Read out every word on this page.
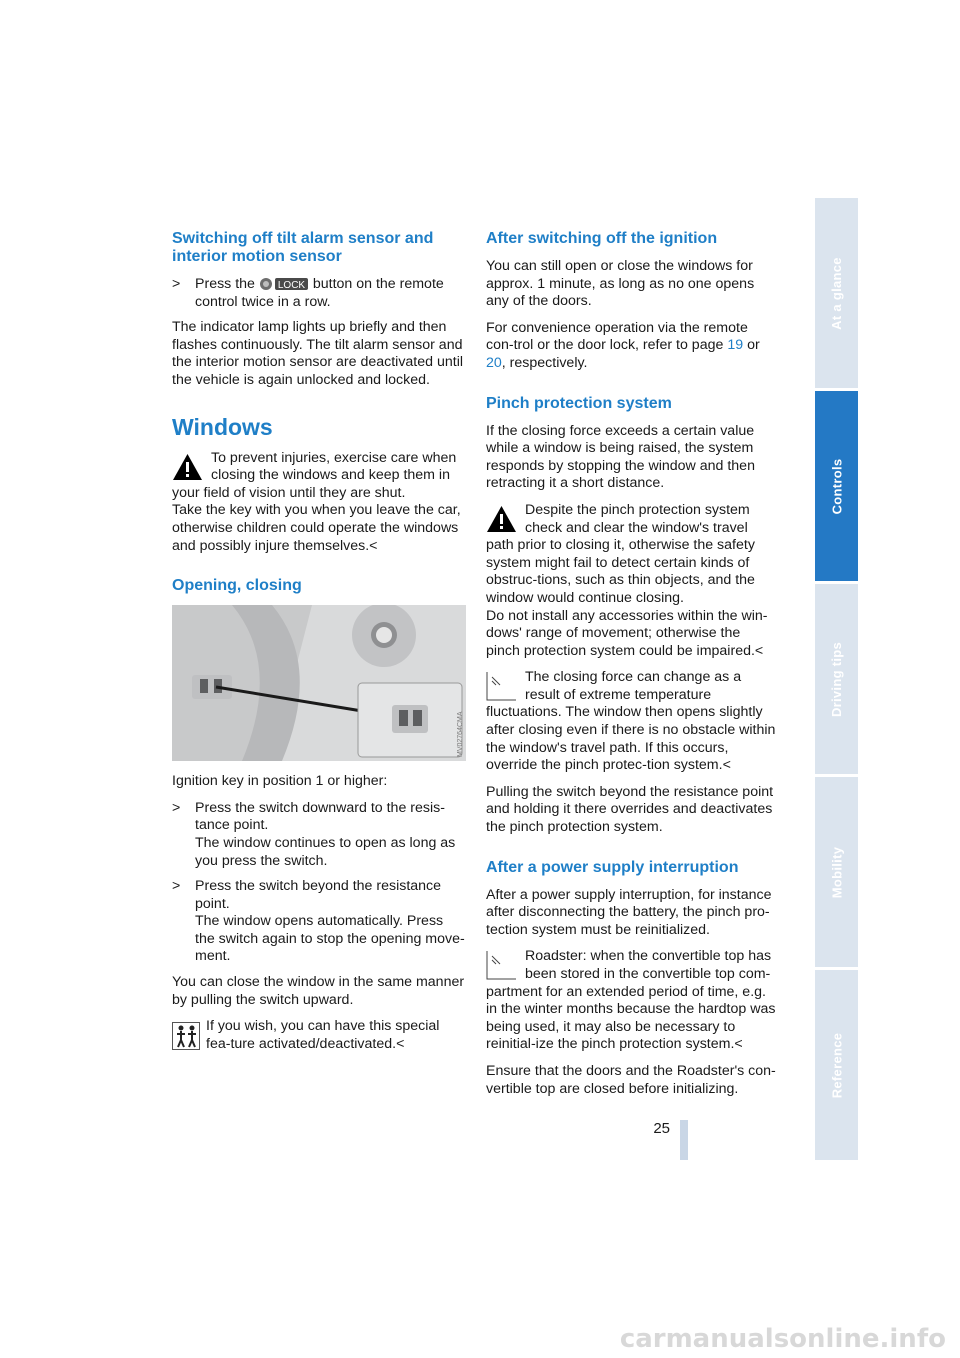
Switching off tilt alarm sensor and interior motion sensor
> Press the LOCK button on the remote control twice in a row.

The indicator lamp lights up briefly and then flashes continuously. The tilt alarm sensor and the interior motion sensor are deactivated until the vehicle is again unlocked and locked.

Windows
To prevent injuries, exercise care when closing the windows and keep them in your field of vision until they are shut.
Take the key with you when you leave the car, otherwise children could operate the windows and possibly injure themselves.<
Opening, closing
MV02764CMA

Ignition key in position 1 or higher:

> Press the switch downward to the resis-tance point.
The window continues to open as long as you press the switch.
> Press the switch beyond the resistance point.
The window opens automatically. Press the switch again to stop the opening move-ment.

You can close the window in the same manner by pulling the switch upward.

If you wish, you can have this special fea-ture activated/deactivated.<
After switching off the ignition

You can still open or close the windows for approx. 1 minute, as long as no one opens any of the doors.

For convenience operation via the remote con-trol or the door lock, refer to page 19 or 20, respectively.

Pinch protection system

If the closing force exceeds a certain value while a window is being raised, the system responds by stopping the window and then retracting it a short distance.

Despite the pinch protection system check and clear the window's travel path prior to closing it, otherwise the safety system might fail to detect certain kinds of obstruc-tions, such as thin objects, and the window would continue closing.
Do not install any accessories within the win-dows' range of movement; otherwise the pinch protection system could be impaired.<
The closing force can change as a result of extreme temperature fluctuations. The window then opens slightly after closing even if there is no obstacle within the window's travel path. If this occurs, override the pinch protec-tion system.<

Pulling the switch beyond the resistance point and holding it there overrides and deactivates the pinch protection system.

After a power supply interruption

After a power supply interruption, for instance after disconnecting the battery, the pinch pro-tection system must be reinitialized.

Roadster: when the convertible top has been stored in the convertible top com-partment for an extended period of time, e.g. in the winter months because the hardtop was being used, it may also be necessary to reinitial-ize the pinch protection system.<

Ensure that the doors and the Roadster's con-vertible top are closed before initializing.

At a glance
Controls
Driving tips
Mobility
Reference
25
carmanualsonline.info
